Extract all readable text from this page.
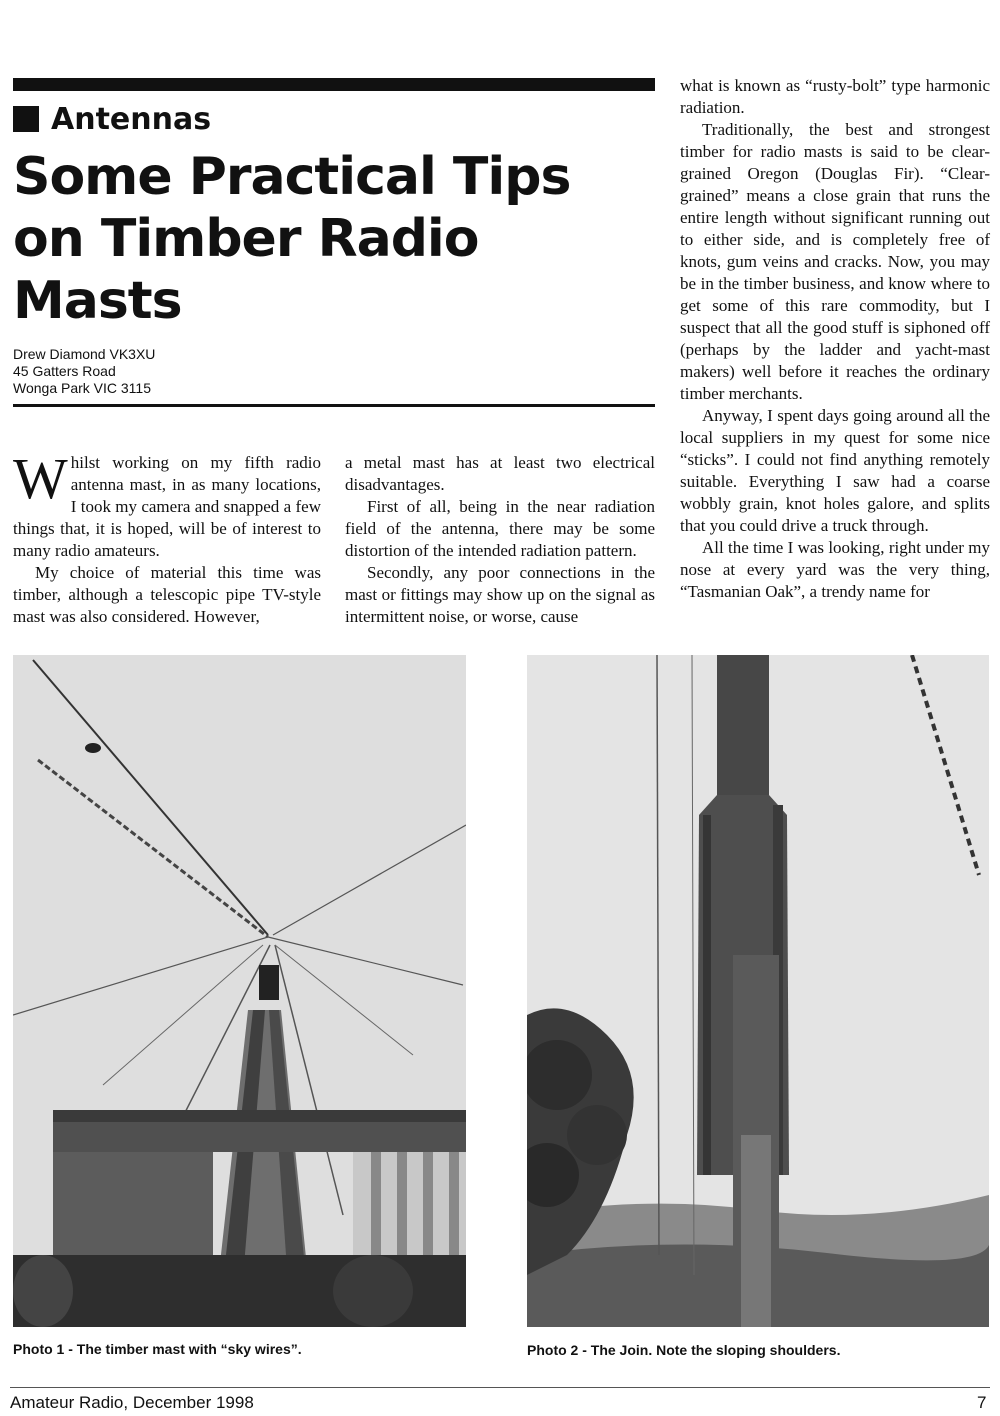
Antennas
Some Practical Tips on Timber Radio Masts
Drew Diamond VK3XU
45 Gatters Road
Wonga Park VIC 3115

Whilst working on my fifth radio antenna mast, in as many locations, I took my camera and snapped a few things that, it is hoped, will be of interest to many radio amateurs.

My choice of material this time was timber, although a telescopic pipe TV-style mast was also considered. However,

a metal mast has at least two electrical disadvantages.

First of all, being in the near radiation field of the antenna, there may be some distortion of the intended radiation pattern.

Secondly, any poor connections in the mast or fittings may show up on the signal as intermittent noise, or worse, cause

what is known as “rusty-bolt” type harmonic radiation.

Traditionally, the best and strongest timber for radio masts is said to be clear-grained Oregon (Douglas Fir). “Clear-grained” means a close grain that runs the entire length without significant running out to either side, and is completely free of knots, gum veins and cracks. Now, you may be in the timber business, and know where to get some of this rare commodity, but I suspect that all the good stuff is siphoned off (perhaps by the ladder and yacht-mast makers) well before it reaches the ordinary timber merchants.

Anyway, I spent days going around all the local suppliers in my quest for some nice “sticks”. I could not find anything remotely suitable. Everything I saw had a coarse wobbly grain, knot holes galore, and splits that you could drive a truck through.

All the time I was looking, right under my nose at every yard was the very thing, “Tasmanian Oak”, a trendy name for

Photo 1 - The timber mast with “sky wires”.	Photo 2 - The Join. Note the sloping shoulders.
Amateur Radio, December 1998	7
